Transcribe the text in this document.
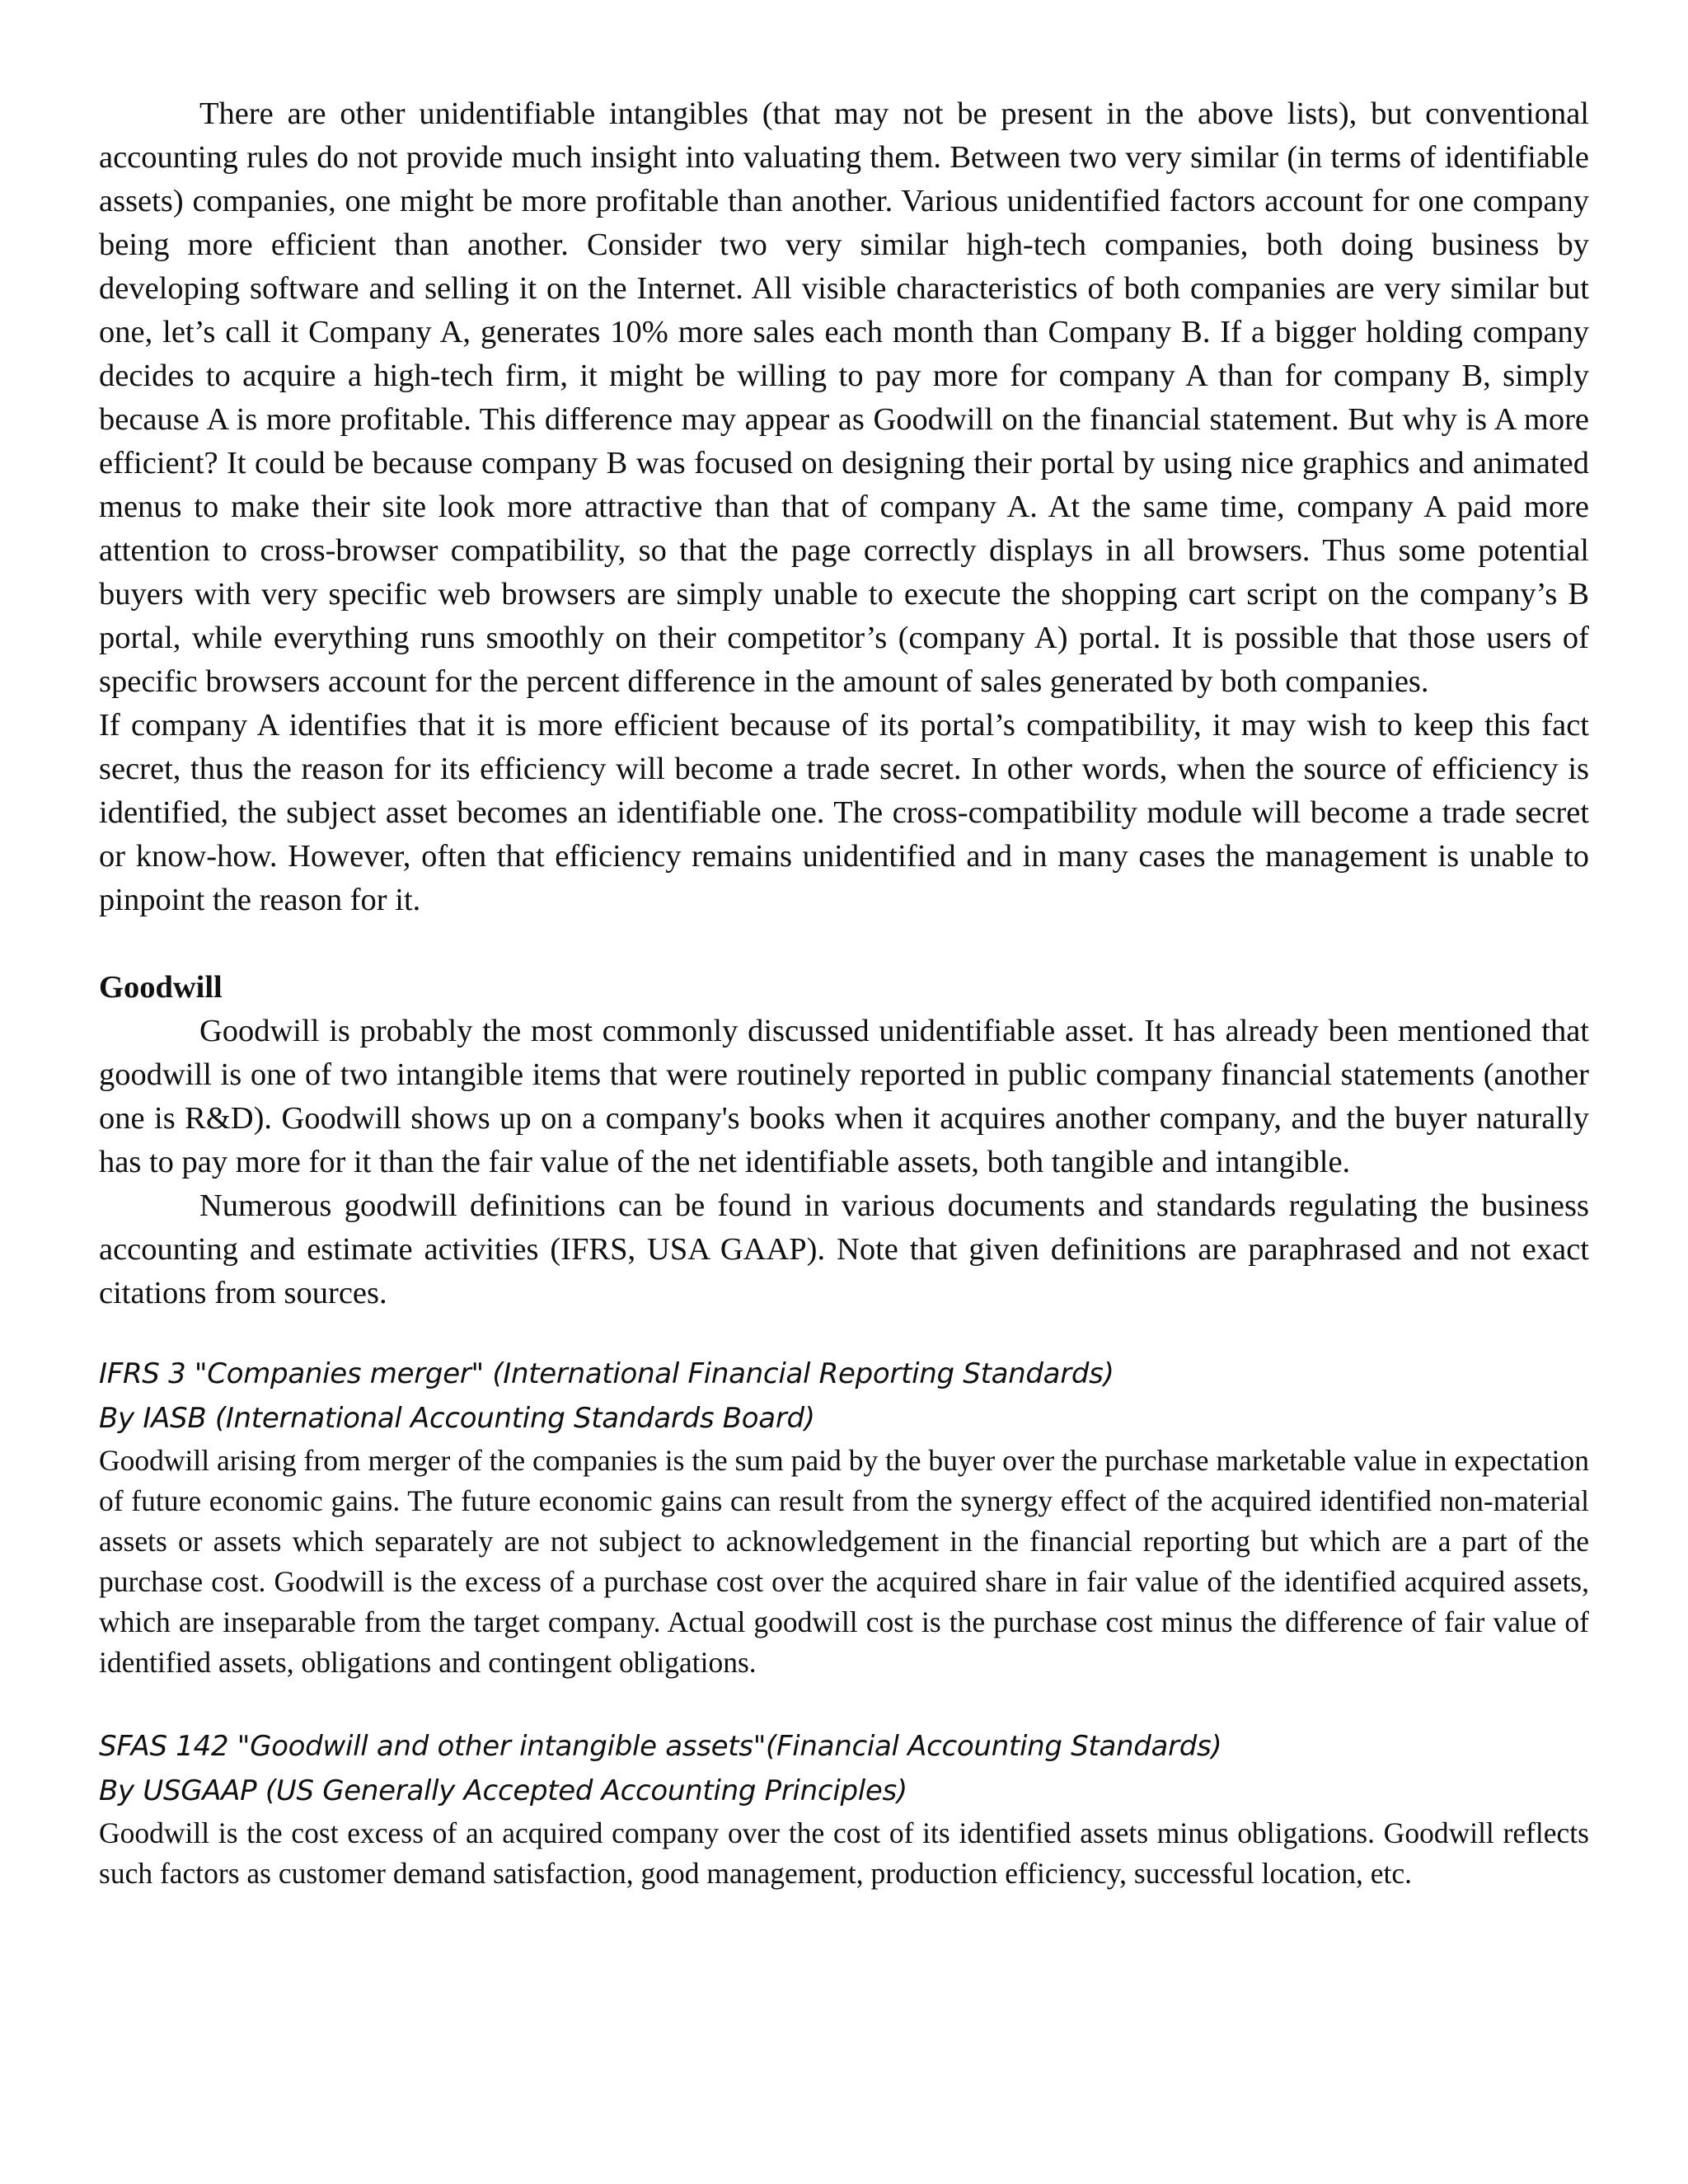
There are other unidentifiable intangibles (that may not be present in the above lists), but conventional accounting rules do not provide much insight into valuating them. Between two very similar (in terms of identifiable assets) companies, one might be more profitable than another. Various unidentified factors account for one company being more efficient than another. Consider two very similar high-tech companies, both doing business by developing software and selling it on the Internet. All visible characteristics of both companies are very similar but one, let’s call it Company A, generates 10% more sales each month than Company B. If a bigger holding company decides to acquire a high-tech firm, it might be willing to pay more for company A than for company B, simply because A is more profitable. This difference may appear as Goodwill on the financial statement. But why is A more efficient? It could be because company B was focused on designing their portal by using nice graphics and animated menus to make their site look more attractive than that of company A. At the same time, company A paid more attention to cross-browser compatibility, so that the page correctly displays in all browsers. Thus some potential buyers with very specific web browsers are simply unable to execute the shopping cart script on the company’s B portal, while everything runs smoothly on their competitor’s (company A) portal. It is possible that those users of specific browsers account for the percent difference in the amount of sales generated by both companies.

If company A identifies that it is more efficient because of its portal’s compatibility, it may wish to keep this fact secret, thus the reason for its efficiency will become a trade secret. In other words, when the source of efficiency is identified, the subject asset becomes an identifiable one. The cross-compatibility module will become a trade secret or know-how. However, often that efficiency remains unidentified and in many cases the management is unable to pinpoint the reason for it.

Goodwill

Goodwill is probably the most commonly discussed unidentifiable asset. It has already been mentioned that goodwill is one of two intangible items that were routinely reported in public company financial statements (another one is R&D). Goodwill shows up on a company's books when it acquires another company, and the buyer naturally has to pay more for it than the fair value of the net identifiable assets, both tangible and intangible.

Numerous goodwill definitions can be found in various documents and standards regulating the business accounting and estimate activities (IFRS, USA GAAP). Note that given definitions are paraphrased and not exact citations from sources.

IFRS 3 "Companies merger" (International Financial Reporting Standards)

By IASB (International Accounting Standards Board)

Goodwill arising from merger of the companies is the sum paid by the buyer over the purchase marketable value in expectation of future economic gains. The future economic gains can result from the synergy effect of the acquired identified non-material assets or assets which separately are not subject to acknowledgement in the financial reporting but which are a part of the purchase cost. Goodwill is the excess of a purchase cost over the acquired share in fair value of the identified acquired assets, which are inseparable from the target company. Actual goodwill cost is the purchase cost minus the difference of fair value of identified assets, obligations and contingent obligations.

SFAS 142 "Goodwill and other intangible assets"(Financial Accounting Standards)

By USGAAP (US Generally Accepted Accounting Principles)

Goodwill is the cost excess of an acquired company over the cost of its identified assets minus obligations. Goodwill reflects such factors as customer demand satisfaction, good management, production efficiency, successful location, etc.
